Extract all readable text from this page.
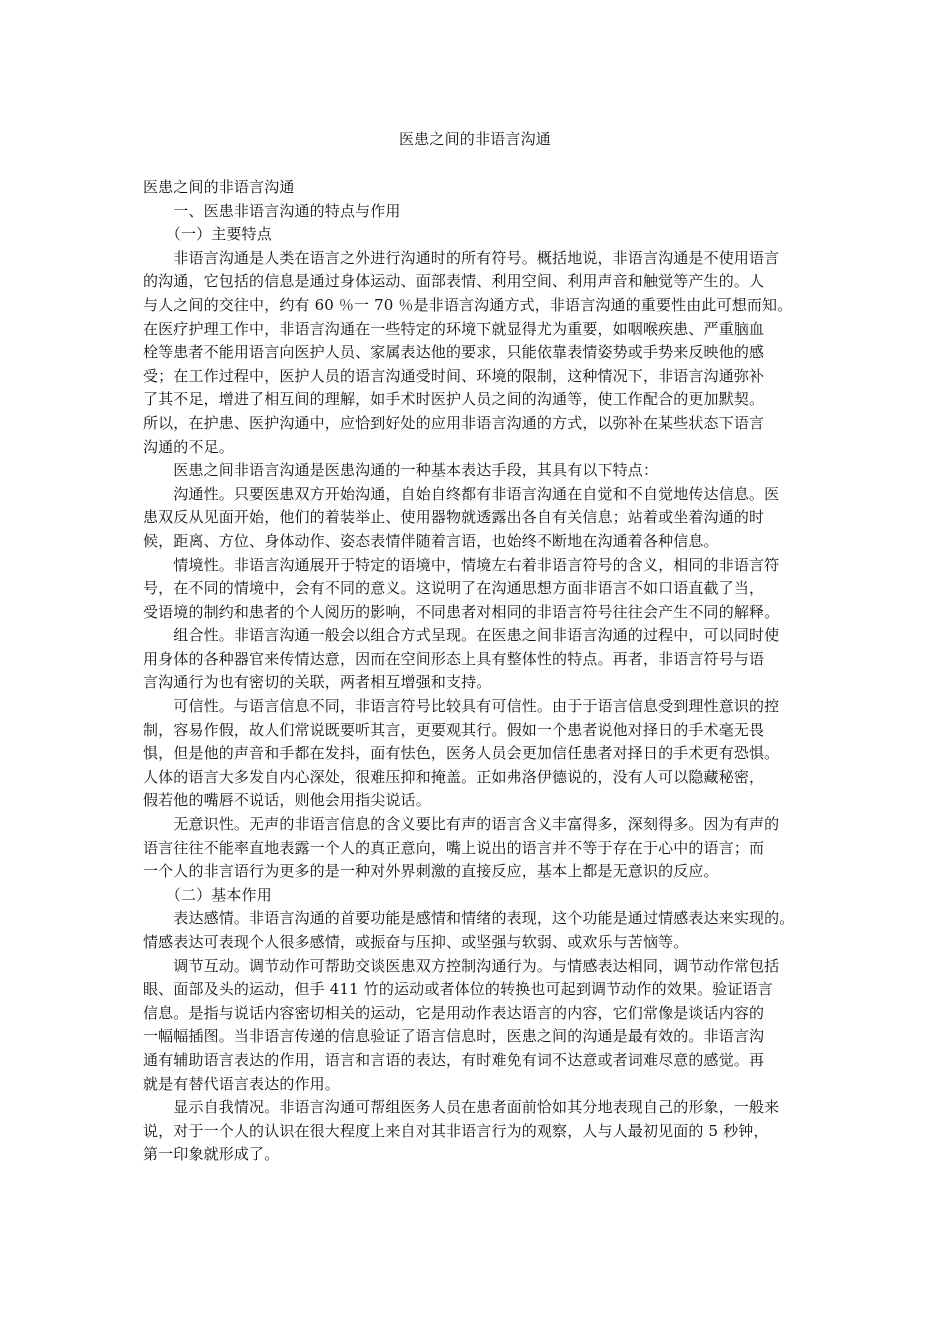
医患之间的非语言沟通
医患之间的非语言沟通
　　一、医患非语言沟通的特点与作用
　　（一）主要特点
　　非语言沟通是人类在语言之外进行沟通时的所有符号。概括地说，非语言沟通是不使用语言
的沟通，它包括的信息是通过身体运动、面部表情、利用空间、利用声音和触觉等产生的。人
与人之间的交往中，约有 60 ％一 70 ％是非语言沟通方式，非语言沟通的重要性由此可想而知。
在医疗护理工作中，非语言沟通在一些特定的环境下就显得尤为重要，如咽喉疾患、严重脑血
栓等患者不能用语言向医护人员、家属表达他的要求，只能依靠表情姿势或手势来反映他的感
受；在工作过程中，医护人员的语言沟通受时间、环境的限制，这种情况下，非语言沟通弥补
了其不足，增进了相互间的理解，如手术时医护人员之间的沟通等，使工作配合的更加默契。
所以，在护患、医护沟通中，应恰到好处的应用非语言沟通的方式，以弥补在某些状态下语言
沟通的不足。
　　医患之间非语言沟通是医患沟通的一种基本表达手段，其具有以下特点：
　　沟通性。只要医患双方开始沟通，自始自终都有非语言沟通在自觉和不自觉地传达信息。医
患双反从见面开始，他们的着装举止、使用器物就透露出各自有关信息；站着或坐着沟通的时
候，距离、方位、身体动作、姿态表情伴随着言语，也始终不断地在沟通着各种信息。
　　情境性。非语言沟通展开于特定的语境中，情境左右着非语言符号的含义，相同的非语言符
号，在不同的情境中，会有不同的意义。这说明了在沟通思想方面非语言不如口语直截了当，
受语境的制约和患者的个人阅历的影响，不同患者对相同的非语言符号往往会产生不同的解释。
　　组合性。非语言沟通一般会以组合方式呈现。在医患之间非语言沟通的过程中，可以同时使
用身体的各种器官来传情达意，因而在空间形态上具有整体性的特点。再者，非语言符号与语
言沟通行为也有密切的关联，两者相互增强和支持。
　　可信性。与语言信息不同，非语言符号比较具有可信性。由于于语言信息受到理性意识的控
制，容易作假，故人们常说既要听其言，更要观其行。假如一个患者说他对择日的手术毫无畏
惧，但是他的声音和手都在发抖，面有怯色，医务人员会更加信任患者对择日的手术更有恐惧。
人体的语言大多发自内心深处，很难压抑和掩盖。正如弗洛伊德说的，没有人可以隐藏秘密，
假若他的嘴唇不说话，则他会用指尖说话。
　　无意识性。无声的非语言信息的含义要比有声的语言含义丰富得多，深刻得多。因为有声的
语言往往不能率直地表露一个人的真正意向，嘴上说出的语言并不等于存在于心中的语言；而
一个人的非言语行为更多的是一种对外界刺激的直接反应，基本上都是无意识的反应。
　　（二）基本作用
　　表达感情。非语言沟通的首要功能是感情和情绪的表现，这个功能是通过情感表达来实现的。
情感表达可表现个人很多感情，或振奋与压抑、或坚强与软弱、或欢乐与苦恼等。
　　调节互动。调节动作可帮助交谈医患双方控制沟通行为。与情感表达相同，调节动作常包括
眼、面部及头的运动，但手 411 竹的运动或者体位的转换也可起到调节动作的效果。验证语言
信息。是指与说话内容密切相关的运动，它是用动作表达语言的内容，它们常像是谈话内容的
一幅幅插图。当非语言传递的信息验证了语言信息时，医患之间的沟通是最有效的。非语言沟
通有辅助语言表达的作用，语言和言语的表达，有时难免有词不达意或者词难尽意的感觉。再
就是有替代语言表达的作用。
　　显示自我情况。非语言沟通可帮组医务人员在患者面前恰如其分地表现自己的形象，一般来
说，对于一个人的认识在很大程度上来自对其非语言行为的观察，人与人最初见面的 5 秒钟，
第一印象就形成了。
